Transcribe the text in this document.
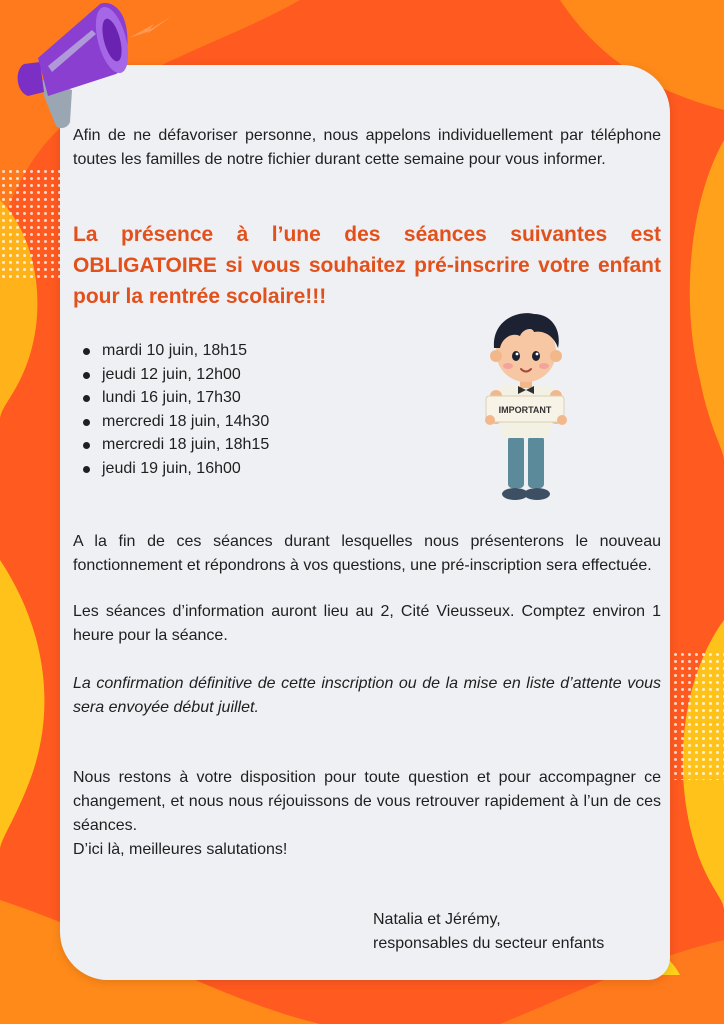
Afin de ne défavoriser personne, nous appelons individuellement par téléphone toutes les familles de notre fichier durant cette semaine pour vous informer.

La présence à l’une des séances suivantes est OBLIGATOIRE si vous souhaitez pré-inscrire votre enfant pour la rentrée scolaire!!!

mardi 10 juin, 18h15
jeudi 12 juin, 12h00
lundi 16 juin, 17h30
mercredi 18 juin, 14h30
mercredi 18 juin, 18h15
jeudi 19 juin, 16h00
IMPORTANT

A la fin de ces séances durant lesquelles nous présenterons le nouveau fonctionnement et répondrons à vos questions, une pré-inscription sera effectuée.

Les séances d’information auront lieu au 2, Cité Vieusseux. Comptez environ 1 heure pour la séance.

La confirmation définitive de cette inscription ou de la mise en liste d’attente vous sera envoyée début juillet.

Nous restons à votre disposition pour toute question et pour accompagner ce changement, et nous nous réjouissons de vous retrouver rapidement à l’un de ces séances.

D’ici là, meilleures salutations!

Natalia et Jérémy,
responsables du secteur enfants
